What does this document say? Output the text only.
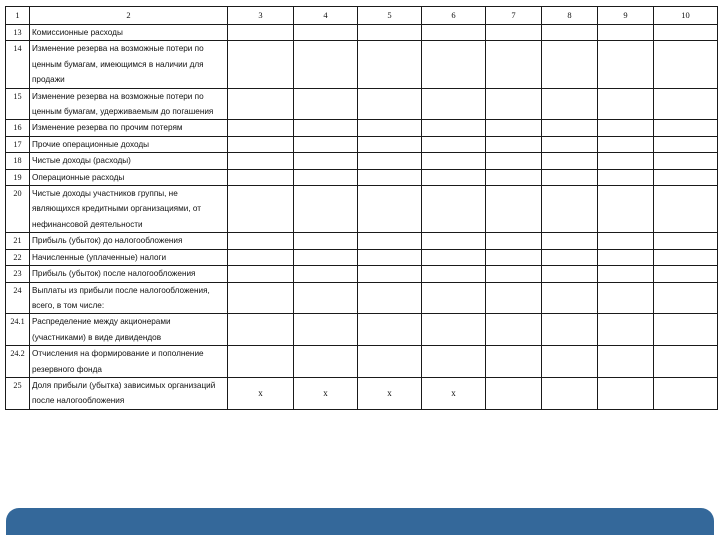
1	2	3	4	5	6	7	8	9	10
13	Комиссионные расходы								
14	Изменение резерва на возможные потери по ценным бумагам, имеющимся в наличии для продажи								
15	Изменение резерва на возможные потери по ценным бумагам, удерживаемым до погашения								
16	Изменение резерва по прочим потерям								
17	Прочие операционные доходы								
18	Чистые доходы (расходы)								
19	Операционные расходы								
20	Чистые доходы участников группы, не являющихся кредитными организациями, от нефинансовой деятельности								
21	Прибыль (убыток) до налогообложения								
22	Начисленные (уплаченные) налоги								
23	Прибыль (убыток) после налогообложения								
24	Выплаты из прибыли после налогообложения, всего, в том числе:								
24.1	Распределение между акционерами (участниками) в виде дивидендов								
24.2	Отчисления на формирование и пополнение резервного фонда								
25	Доля прибыли (убытка) зависимых организаций после налогообложения	х	х	х	х				
